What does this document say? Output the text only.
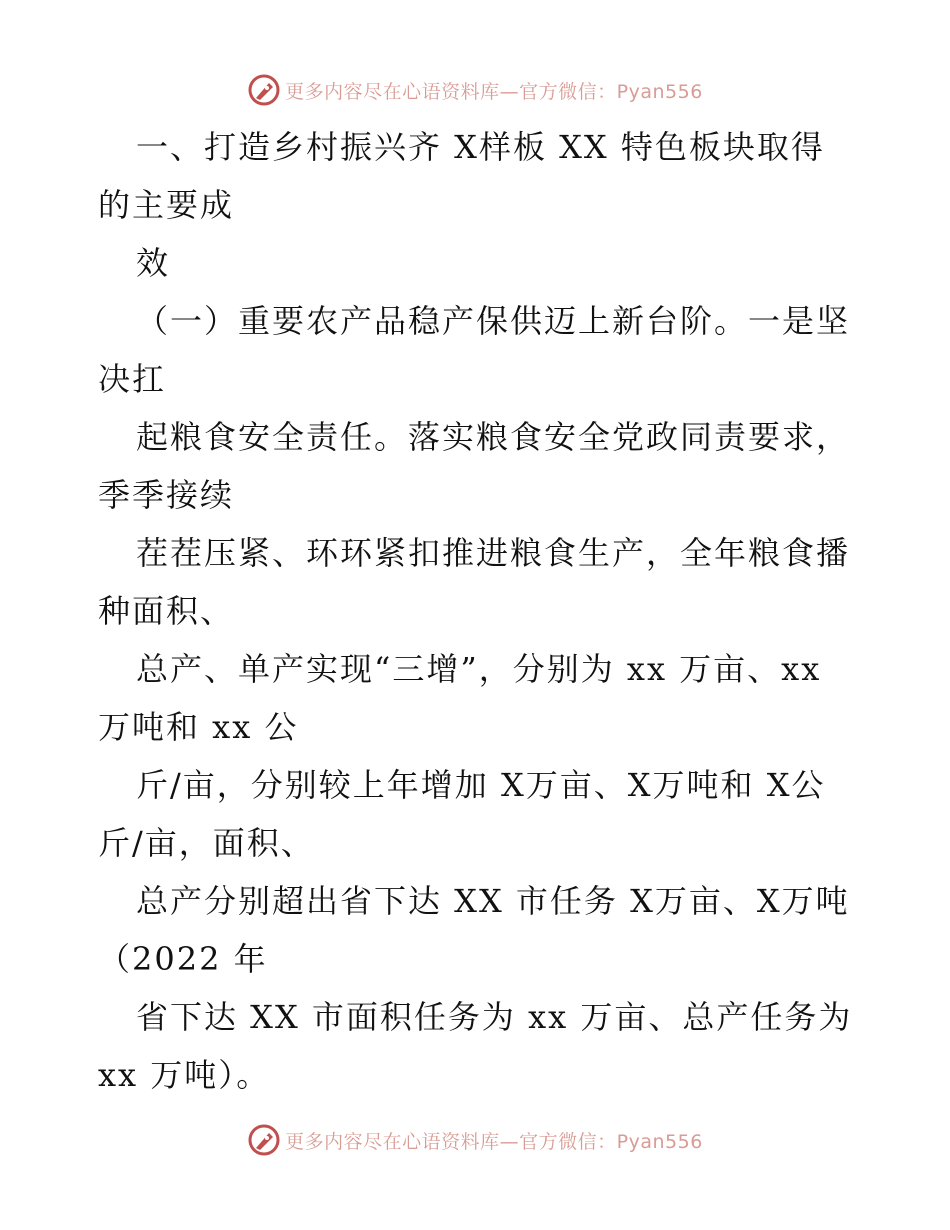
更多内容尽在心语资料库—官方微信：Pyan556
一、打造乡村振兴齐 X样板 XX 特色板块取得
的主要成
效
（一）重要农产品稳产保供迈上新台阶。一是坚
决扛
起粮食安全责任。落实粮食安全党政同责要求，
季季接续
茬茬压紧、环环紧扣推进粮食生产，全年粮食播
种面积、
总产、单产实现“三增”，分别为 xx 万亩、xx
万吨和 xx 公
斤/亩，分别较上年增加 X万亩、X万吨和 X公
斤/亩，面积、
总产分别超出省下达 XX 市任务 X万亩、X万吨
（2022 年
省下达 XX 市面积任务为 xx 万亩、总产任务为
xx 万吨）。
更多内容尽在心语资料库—官方微信：Pyan556
